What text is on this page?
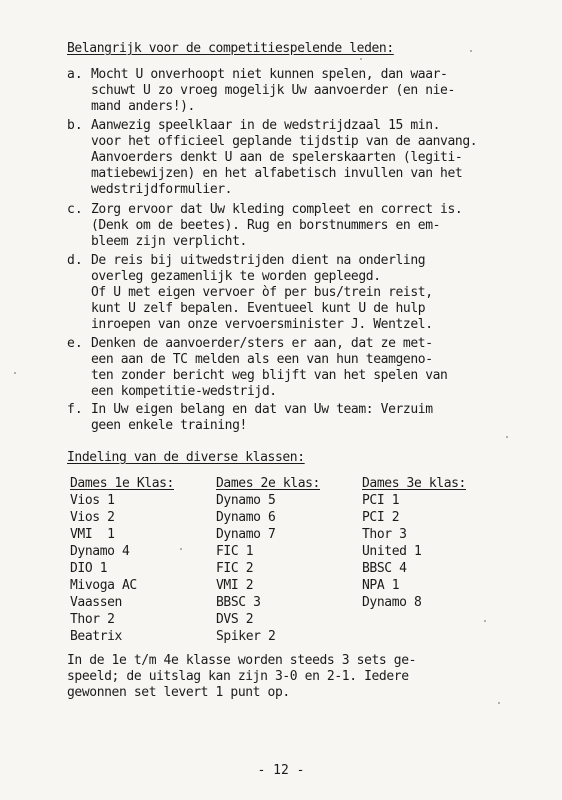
Belangrijk voor de competitiespelende leden:
a. Mocht U onverhoopt niet kunnen spelen, dan waar-
schuwt U zo vroeg mogelijk Uw aanvoerder (en nie-
mand anders!).
b. Aanwezig speelklaar in de wedstrijdzaal 15 min.
voor het officieel geplande tijdstip van de aanvang.
Aanvoerders denkt U aan de spelerskaarten (legiti-
matiebewijzen) en het alfabetisch invullen van het
wedstrijdformulier.
c. Zorg ervoor dat Uw kleding compleet en correct is.
(Denk om de beetes). Rug en borstnummers en em-
bleem zijn verplicht.
d. De reis bij uitwedstrijden dient na onderling
overleg gezamenlijk te worden gepleegd.
Of U met eigen vervoer òf per bus/trein reist,
kunt U zelf bepalen. Eventueel kunt U de hulp
inroepen van onze vervoersminister J. Wentzel.
e. Denken de aanvoerder/sters er aan, dat ze met-
een aan de TC melden als een van hun teamgeno-
ten zonder bericht weg blijft van het spelen van
een kompetitie-wedstrijd.
f. In Uw eigen belang en dat van Uw team: Verzuim
geen enkele training!
Indeling van de diverse klassen:
Dames 1e Klas:
Vios 1
Vios 2
VMI  1
Dynamo 4
DIO 1
Mivoga AC
Vaassen
Thor 2
Beatrix
Dames 2e klas:
Dynamo 5
Dynamo 6
Dynamo 7
FIC 1
FIC 2
VMI 2
BBSC 3
DVS 2
Spiker 2
Dames 3e klas:
PCI 1
PCI 2
Thor 3
United 1
BBSC 4
NPA 1
Dynamo 8
In de 1e t/m 4e klasse worden steeds 3 sets ge-
speeld; de uitslag kan zijn 3-0 en 2-1. Iedere
gewonnen set levert 1 punt op.
- 12 -
